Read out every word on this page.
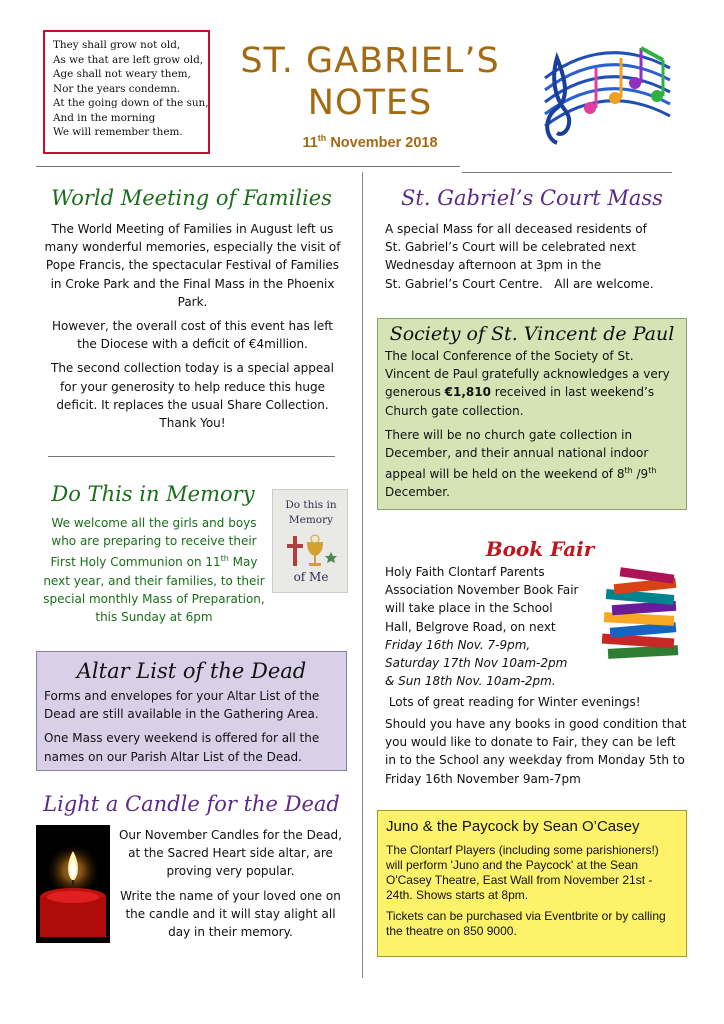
They shall grow not old,
As we that are left grow old,
Age shall not weary them,
Nor the years condemn.
At the going down of the sun,
And in the morning
We will remember them.
ST. GABRIEL’S
NOTES
11th November 2018
World Meeting of Families

The World Meeting of Families in August left us many wonderful memories, especially the visit of Pope Francis, the spectacular Festival of Families in Croke Park and the Final Mass in the Phoenix Park.

However, the overall cost of this event has left the Diocese with a deficit of €4million.

The second collection today is a special appeal for your generosity to help reduce this huge deficit. It replaces the usual Share Collection. Thank You!

Do This in Memory
We welcome all the girls and boys who are preparing to receive their First Holy Communion on 11th May next year, and their families, to their special monthly Mass of Preparation, this Sunday at 6pm
Do this in
Memory
of Me
Altar List of the Dead

Forms and envelopes for your Altar List of the Dead are still available in the Gathering Area.

One Mass every weekend is offered for all the names on our Parish Altar List of the Dead.

Light a Candle for the Dead

Our November Candles for the Dead, at the Sacred Heart side altar, are proving very popular.

Write the name of your loved one on the candle and it will stay alight all day in their memory.

St. Gabriel’s Court Mass
A special Mass for all deceased residents of
St. Gabriel’s Court will be celebrated next
Wednesday afternoon at 3pm in the
St. Gabriel’s Court Centre.   All are welcome.
Society of St. Vincent de Paul

The local Conference of the Society of St. Vincent de Paul gratefully acknowledges a very generous €1,810 received in last weekend’s Church gate collection.

There will be no church gate collection in December, and their annual national indoor appeal will be held on the weekend of 8th /9th December.

Book Fair
Holy Faith Clontarf Parents
Association November Book Fair
will take place in the School
Hall, Belgrove Road, on next
Friday 16th Nov. 7-9pm,
Saturday 17th Nov 10am-2pm
& Sun 18th Nov. 10am-2pm.
Lots of great reading for Winter evenings!
Should you have any books in good condition that you would like to donate to Fair, they can be left in to the School any weekday from Monday 5th to Friday 16th November 9am-7pm
Juno & the Paycock by Sean O’Casey
The Clontarf Players (including some parishioners!) will perform 'Juno and the Paycock' at the Sean O'Casey Theatre, East Wall from November 21st - 24th. Shows starts at 8pm.
Tickets can be purchased via Eventbrite or by calling the theatre on 850 9000.
